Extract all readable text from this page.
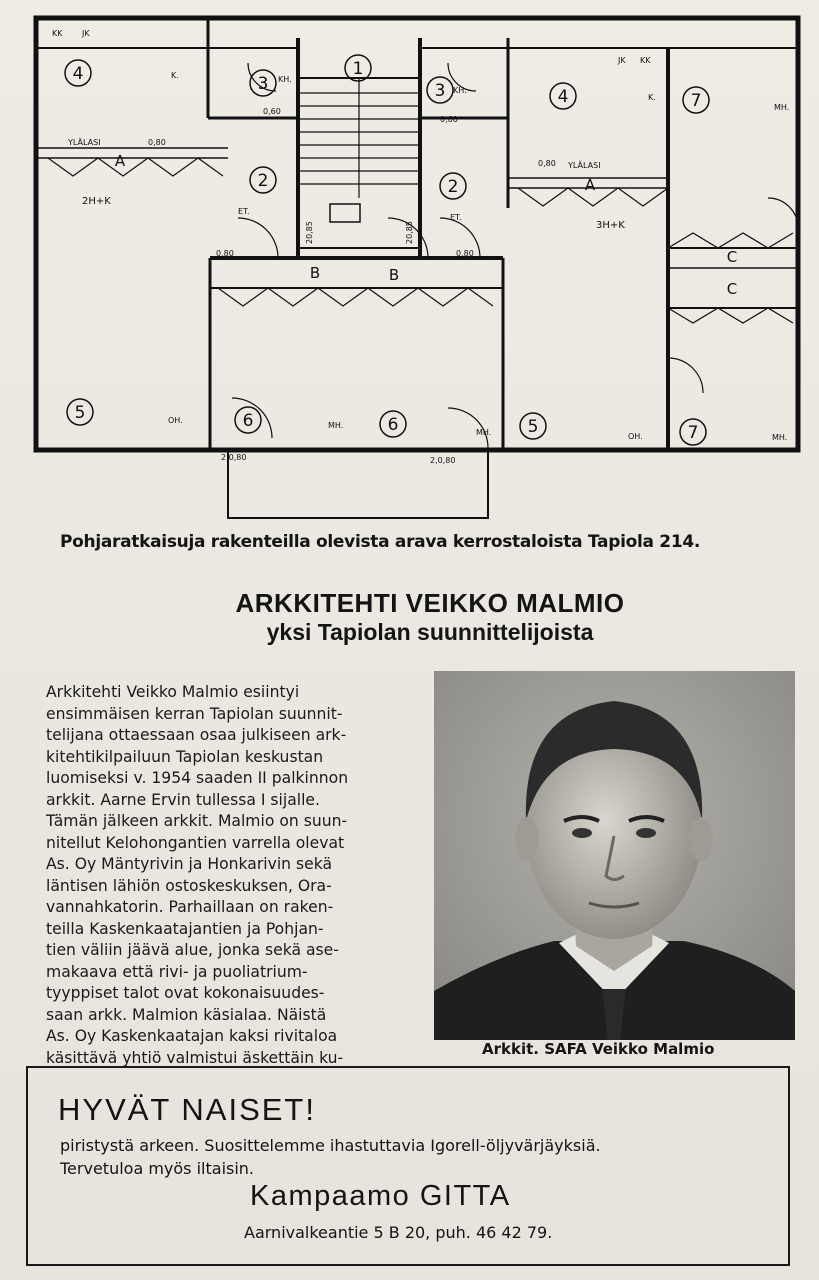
1
2	2
3	3
4
4
5
5
6	6
7
7
KK JK
JK KK
K.
K.
KH.
KH.
ET.
ET.
OH.
OH.
MH.
MH.
MH.
MH.
YLÄLASI
YLÄLASI
0,60
0,60
0,80
0,80
0,80	0,80
2,0,80	2,0,80
20,85	20,85
A
A
B	B
C
C
2H+K
3H+K
Pohjaratkaisuja rakenteilla olevista arava kerrostaloista Tapiola 214.
ARKKITEHTI VEIKKO MALMIO
yksi Tapiolan suunnittelijoista
Arkkitehti Veikko Malmio esiintyi
ensimmäisen kerran Tapiolan suunnit-
telijana ottaessaan osaa julkiseen ark-
kitehtikilpailuun Tapiolan keskustan
luomiseksi v. 1954 saaden II palkinnon
arkkit. Aarne Ervin tullessa I sijalle.
Tämän jälkeen arkkit. Malmio on suun-
nitellut Kelohongantien varrella olevat
As. Oy Mäntyrivin ja Honkarivin sekä
läntisen lähiön ostoskeskuksen, Ora-
vannahkatorin. Parhaillaan on raken-
teilla Kaskenkaatajantien ja Pohjan-
tien väliin jäävä alue, jonka sekä ase-
makaava että rivi- ja puoliatrium-
tyyppiset talot ovat kokonaisuudes-
saan arkk. Malmion käsialaa. Näistä
As. Oy Kaskenkaatajan kaksi rivitaloa
käsittävä yhtiö valmistui äskettäin ku-	Arkkit. SAFA Veikko Malmio
HYVÄT NAISET!
piristystä arkeen. Suosittelemme ihastuttavia Igorell-öljyvärjäyksiä.
Tervetuloa myös iltaisin.
Kampaamo GITTA
Aarnivalkeantie 5 B 20, puh. 46 42 79.
